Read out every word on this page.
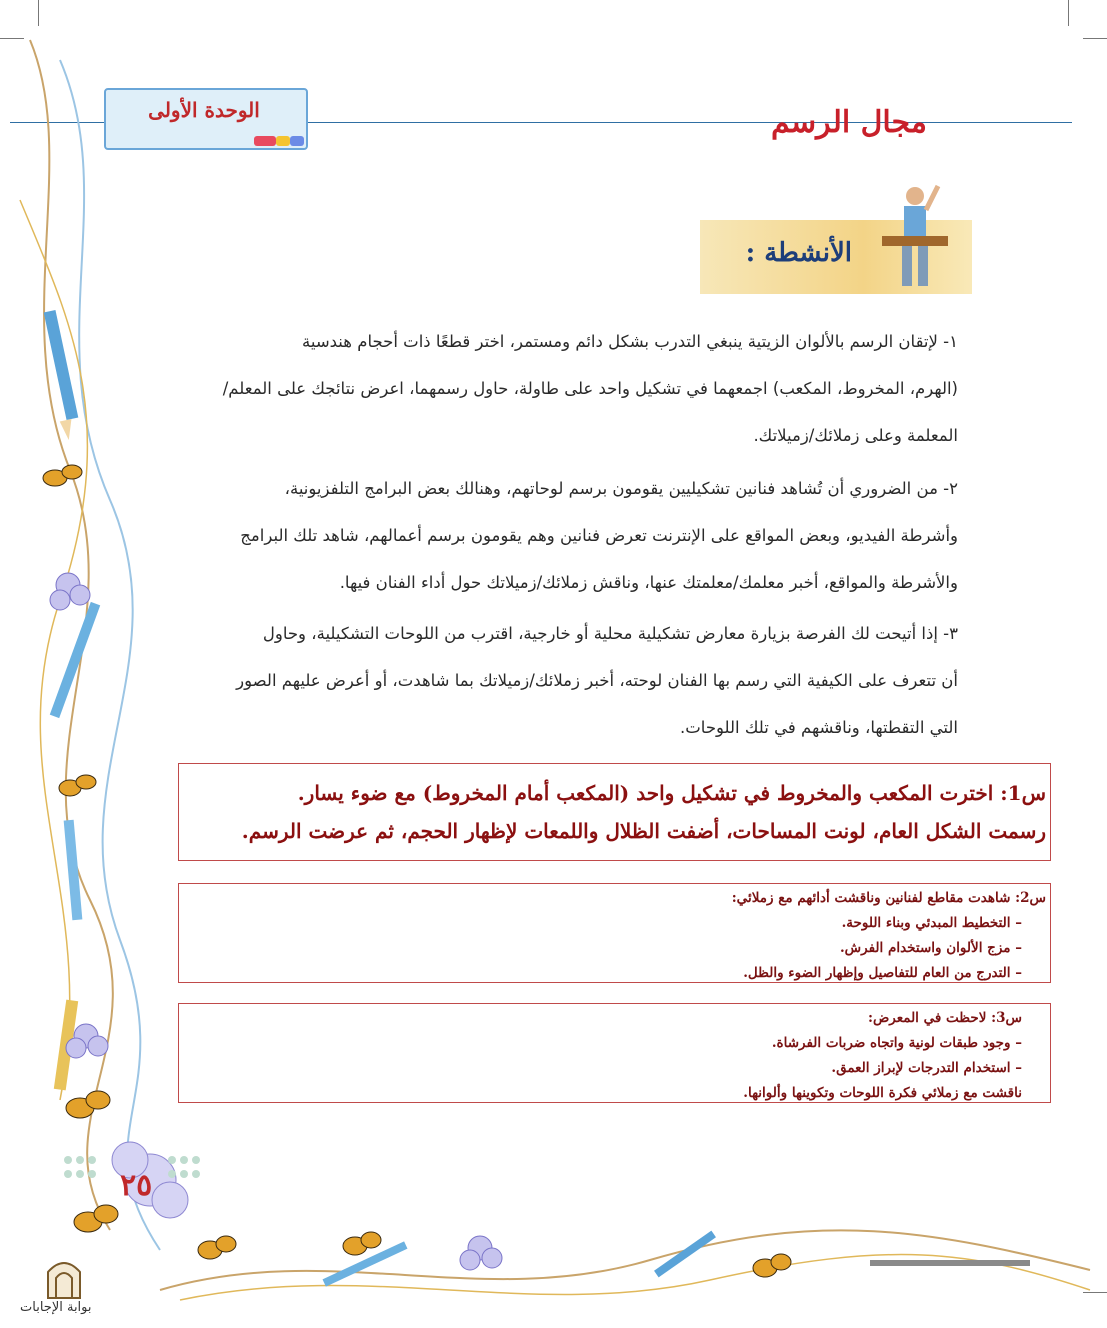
الوحدة الأولى	مجال الرسم
الأنشطة :
١- لإتقان الرسم بالألوان الزيتية ينبغي التدرب بشكل دائم ومستمر، اختر قطعًا ذات أحجام هندسية
(الهرم، المخروط، المكعب) اجمعهما في تشكيل واحد على طاولة، حاول رسمهما، اعرض نتائجك على المعلم/
المعلمة وعلى زملائك/زميلاتك.
٢- من الضروري أن تُشاهد فنانين تشكيليين يقومون برسم لوحاتهم، وهنالك بعض البرامج التلفزيونية،
وأشرطة الفيديو، وبعض المواقع على الإنترنت تعرض فنانين وهم يقومون برسم أعمالهم، شاهد تلك البرامج
والأشرطة والمواقع، أخبر معلمك/معلمتك عنها، وناقش زملائك/زميلاتك حول أداء الفنان فيها.
٣- إذا أتيحت لك الفرصة بزيارة معارض تشكيلية محلية أو خارجية، اقترب من اللوحات التشكيلية، وحاول
أن تتعرف على الكيفية التي رسم بها الفنان لوحته، أخبر زملائك/زميلاتك بما شاهدت، أو أعرض عليهم الصور
التي التقطتها، وناقشهم في تلك اللوحات.
س1: اخترت المكعب والمخروط في تشكيل واحد (المكعب أمام المخروط) مع ضوء يسار.
رسمت الشكل العام، لونت المساحات، أضفت الظلال واللمعات لإظهار الحجم، ثم عرضت الرسم.
س2: شاهدت مقاطع لفنانين وناقشت أدائهم مع زملائي:
– التخطيط المبدئي وبناء اللوحة.
– مزج الألوان واستخدام الفرش.
– التدرج من العام للتفاصيل وإظهار الضوء والظل.
س3: لاحظت في المعرض:
– وجود طبقات لونية واتجاه ضربات الفرشاة.
– استخدام التدرجات لإبراز العمق.
ناقشت مع زملائي فكرة اللوحات وتكوينها وألوانها.
٢٥
بوابة الإجابات
